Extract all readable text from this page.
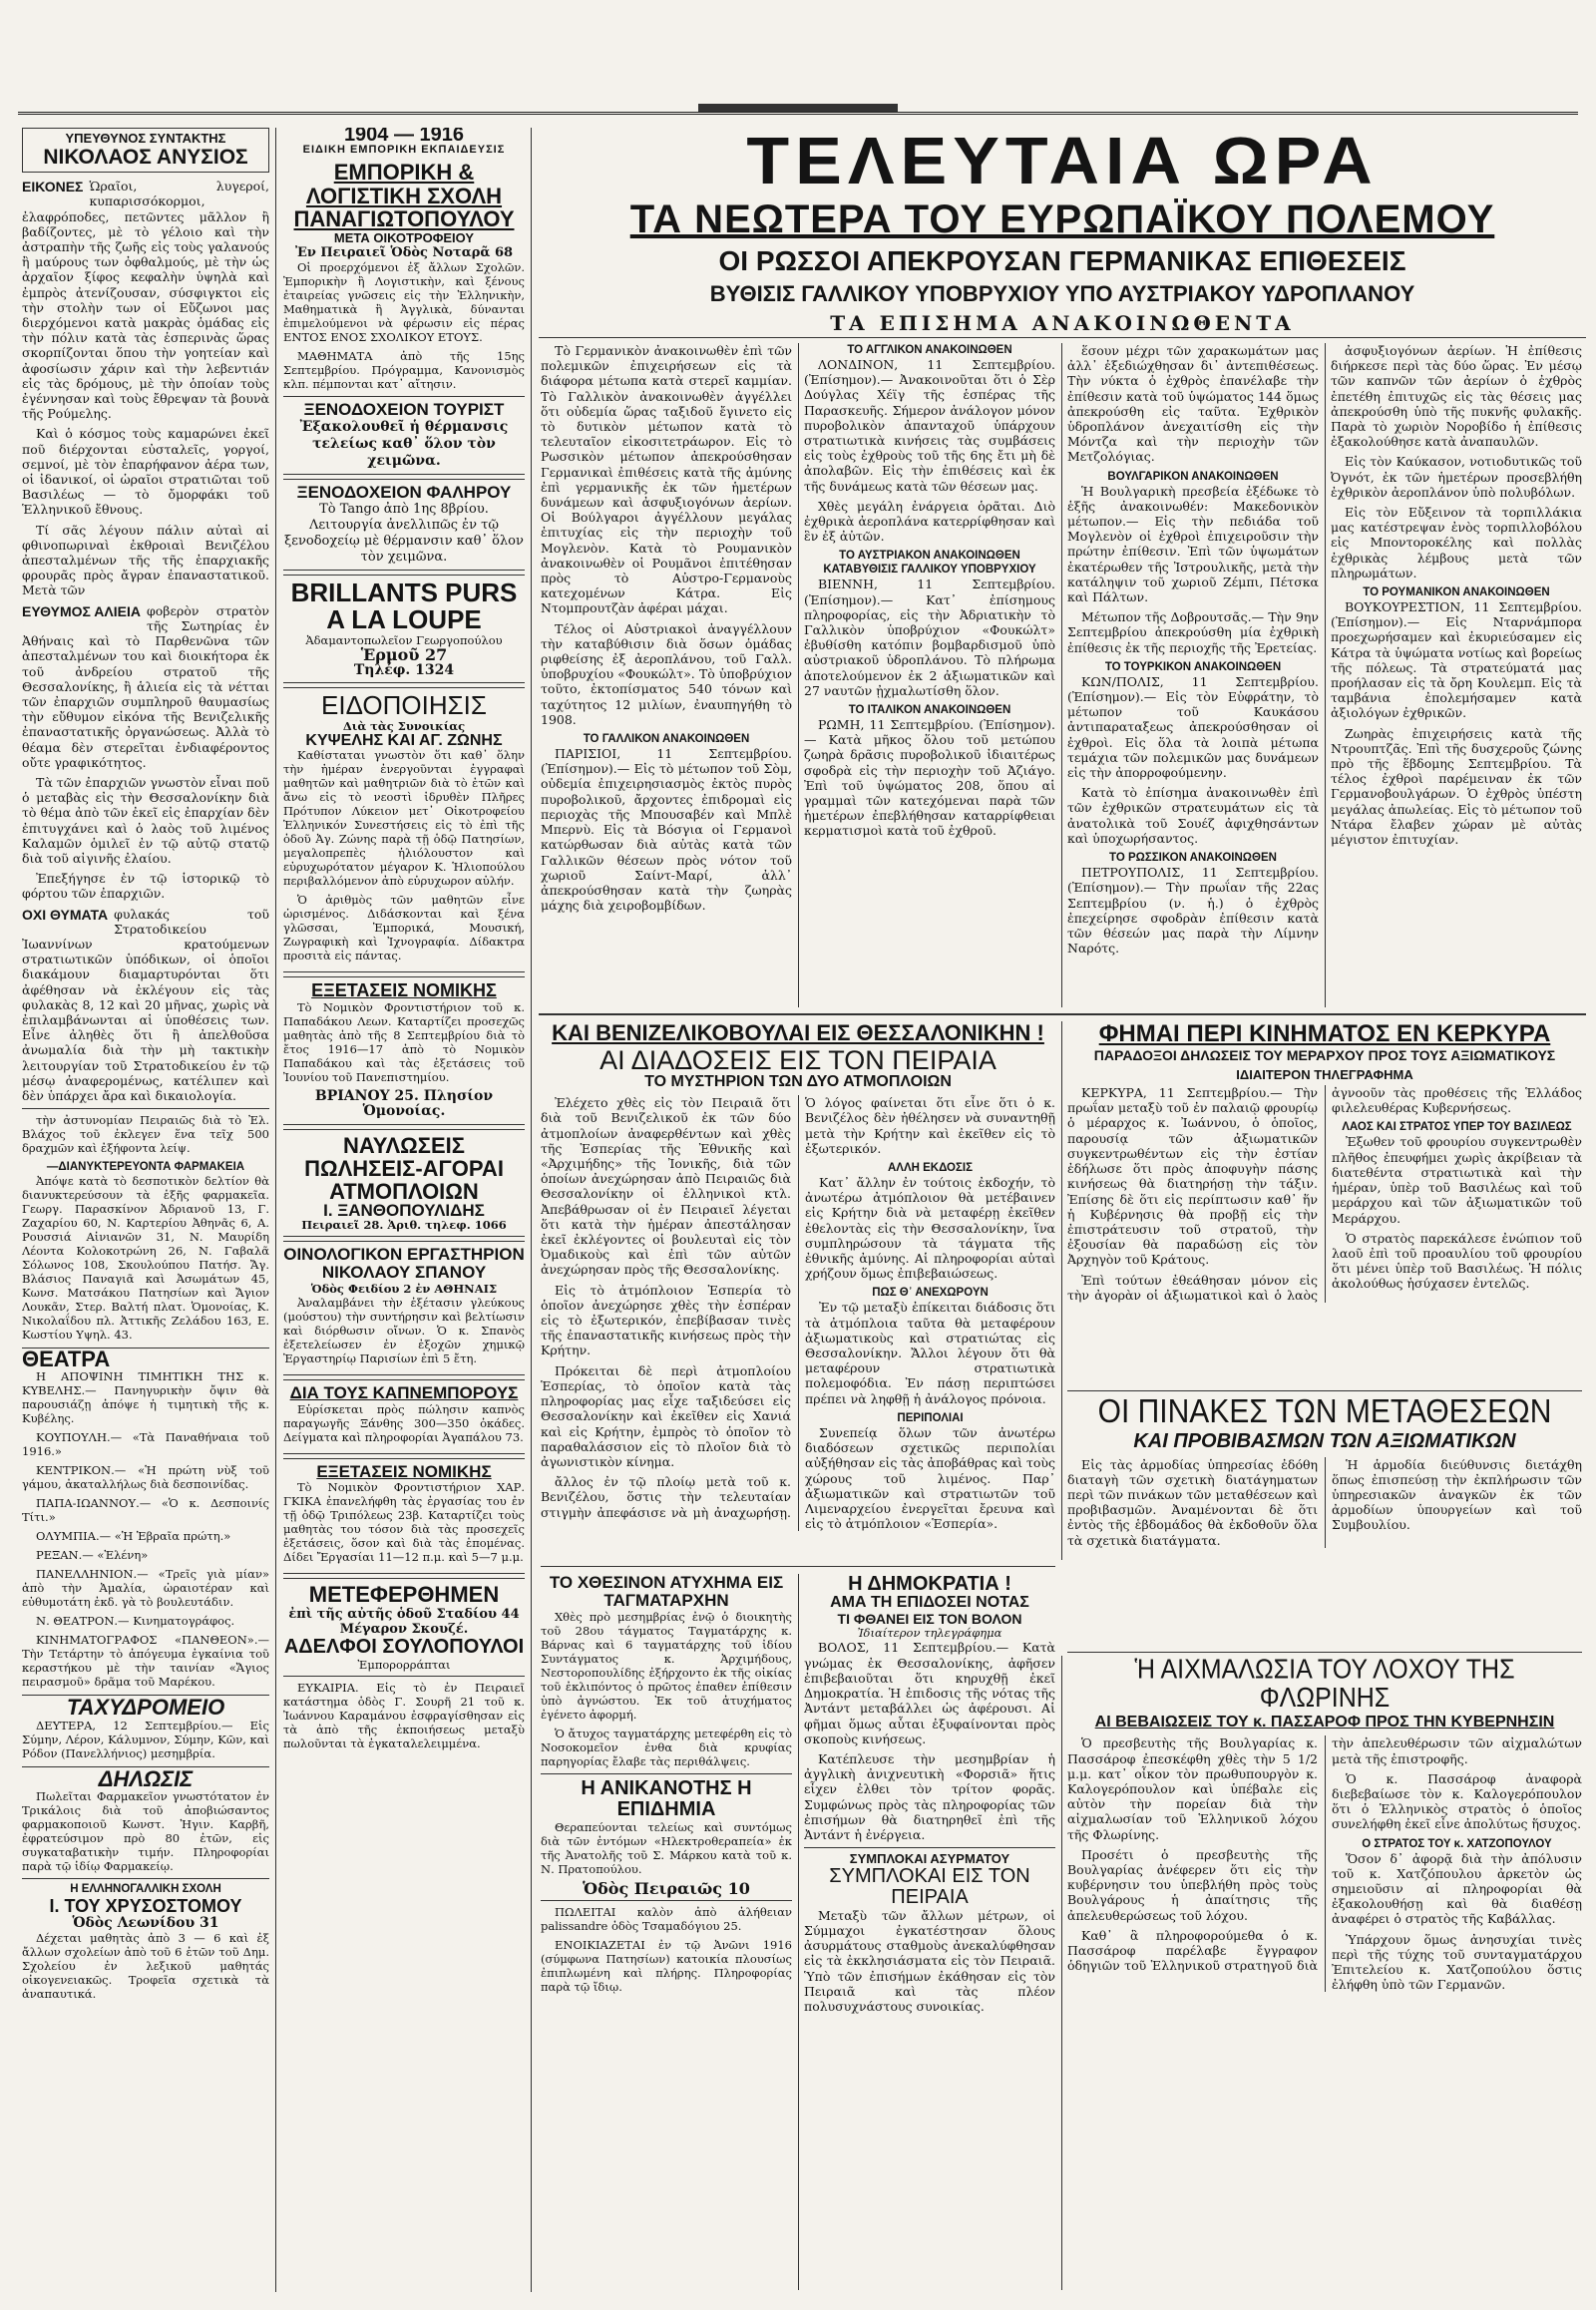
ΥΠΕΥΘΥΝΟΣ ΣΥΝΤΑΚΤΗΣ
ΝΙΚΟΛΑΟΣ ΑΝΥΣΙΟΣ

ΕΙΚΟΝΕΣ Ὡραῖοι, λυγεροί, κυπαρισσόκορμοι, ἐλαφρόποδες, πετῶντες μᾶλλον ἢ βαδίζοντες, μὲ τὸ γέλοιο καὶ τὴν ἀστραπὴν τῆς ζωῆς εἰς τοὺς γαλανούς ἢ μαύρους των ὀφθαλμούς, μὲ τὴν ὡς ἀρχαῖον ξίφος κεφαλὴν ὑψηλὰ καὶ ἐμπρὸς ἀτενίζουσαν, σύσφιγκτοι εἰς τὴν στολὴν των οἱ Εὔζωνοι μας διερχόμενοι κατὰ μακρὰς ὁμάδας εἰς τὴν πόλιν κατὰ τὰς ἑσπερινὰς ὥρας σκορπίζονται ὅπου τὴν γοητείαν καὶ ἀφοσίωσιν χάριν καὶ τὴν λεβεντιάν εἰς τὰς δρόμους, μὲ τὴν ὁποίαν τοὺς ἐγέννησαν καὶ τοὺς ἔθρεψαν τὰ βουνὰ τῆς Ρούμελης.

Καὶ ὁ κόσμος τοὺς καμαρώνει ἐκεῖ ποῦ διέρχονται εὐσταλεῖς, γοργοί, σεμνοί, μὲ τὸν ἐπαρήφανον ἀέρα των, οἱ ἰδανικοί, οἱ ὡραῖοι στρατιῶται τοῦ Βασιλέως — τὸ ὄμορφάκι τοῦ Ἑλληνικοῦ ἔθνους.

Τί σᾶς λέγουν πάλιν αὐταὶ αἱ φθινοπωριναὶ ἐκθροιαὶ Βενιζέλου ἀπεσταλμένων τῆς τῆς ἐπαρχιακῆς φρουρᾶς πρὸς ἄγραν ἐπαναστατικοῦ. Μετὰ τῶν

ΕΥΘΥΜΟΣ ΑΛΙΕΙΑ φοβερὸν στρατὸν τῆς Σωτηρίας ἐν Ἀθήναις καὶ τὸ Παρθενῶνα τῶν ἀπεσταλμένων του καὶ διοικήτορα ἐκ τοῦ ἀνδρείου στρατοῦ τῆς Θεσσαλονίκης, ἢ ἁλιεία εἰς τὰ νέτται τῶν ἐπαρχιῶν συμπληροῦ θαυμασίως τὴν εὔθυμον εἰκόνα τῆς Βενιζελικῆς ἐπαναστατικῆς ὀργανώσεως. Ἀλλὰ τὸ θέαμα δὲν στερεῖται ἐνδιαφέροντος οὔτε γραφικότητος.

Τὰ τῶν ἐπαρχιῶν γνωστὸν εἶναι ποῦ ὁ μεταβὰς εἰς τὴν Θεσσαλονίκην διὰ τὸ θέμα ἀπὸ τῶν ἐκεῖ εἰς ἐπαρχίαν δὲν ἐπιτυγχάνει καὶ ὁ λαὸς τοῦ λιμένος Καλαμῶν ὁμιλεῖ ἐν τῷ αὐτῷ στατῷ διὰ τοῦ αἰγινῆς ἐλαίου.

Ἐπεξήγησε ἐν τῷ ἱστορικῷ τὸ φόρτου τῶν ἐπαρχιῶν.

ΟΧΙ ΘΥΜΑΤΑ φυλακάς τοῦ Στρατοδικείου Ἰωαννίνων κρατούμενων στρατιωτικῶν ὑπόδικων, οἱ ὁποῖοι διακάμουν διαμαρτυρόνται ὅτι ἀφέθησαν νὰ ἐκλέγουν εἰς τὰς φυλακὰς 8, 12 καὶ 20 μῆνας, χωρὶς νὰ ἐπιλαμβάνωνται αἱ ὑποθέσεις των. Εἶνε ἀληθὲς ὅτι ἢ ἀπελθοῦσα ἀνωμαλία διὰ τὴν μὴ τακτικὴν λειτουργίαν τοῦ Στρατοδικείου ἐν τῷ μέσῳ ἀναφερομένως, κατέλιπεν καὶ δὲν ὑπάρχει ἄρα καὶ δικαιολογία.

τὴν ἀστυνομίαν Πειραιῶς διὰ τὸ Ἐλ. Βλάχος τοῦ ἐκλεγεν ἕνα τεῖχ 500 δραχμῶν καὶ ἐξήφοντα λείψ.

—ΔΙΑΝΥΚΤΕΡΕΥΟΝΤΑ ΦΑΡΜΑΚΕΙΑ

Ἀπόψε κατὰ τὸ δεσποτικὸν δελτίον θὰ διανυκτερεύσουν τὰ ἑξῆς φαρμακεῖα. Γεωργ. Παρασκίνον Ἀδριανοῦ 13, Γ. Ζαχαρίου 60, Ν. Καρτερίου Ἀθηνᾶς 6, Α. Ρουσσιά Αἰνιανῶν 31, Ν. Μαυρίδη Λέοντα Κολοκοτρώνη 26, Ν. Γαβαλᾶ Σόλωνος 108, Σκουλούπου Πατήσ. Ἄγ. Βλάσιος Παναγιᾶ καὶ Ἀσωμάτων 45, Κωνσ. Ματσάκου Πατησίων καὶ Ἄγιον Λουκᾶν, Στερ. Βαλτή πλατ. Ὁμονοίας, Κ. Νικολαΐδου πλ. Ἀττικῆς Ζελάδου 163, Ε. Κωστίου Υψηλ. 43.

ΘΕΑΤΡΑ

Η ΑΠΟΨΙΝΗ ΤΙΜΗΤΙΚΗ ΤΗΣ κ. ΚΥΒΕΛΗΣ.— Πανηγυρικὴν ὄψιν θὰ παρουσιάζῃ ἀπόψε ἡ τιμητικὴ τῆς κ. Κυβέλης.

ΚΟΥΠΟΥΛΗ.— «Τὰ Παναθήναια τοῦ 1916.»

ΚΕΝΤΡΙΚΟΝ.— «Ἡ πρώτη νὺξ τοῦ γάμου, ἀκαταλλήλως διὰ δεσποινίδας.

ΠΑΠΑ-ΙΩΑΝΝΟΥ.— «Ὁ κ. Δεσποινίς Τίτι.»

ΟΛΥΜΠΙΑ.— «Ἡ Ἑβραῖα πρώτη.»

ΡΕΞΑΝ.— «Ἑλένη»

ΠΑΝΕΛΛΗΝΙΟΝ.— «Τρεῖς γιὰ μίαν» ἀπὸ τὴν Ἀμαλία, ὠραιοτέραν καὶ εὐθυμοτάτη ἐκδ. γὰ τὸ βουλευτάδιν.

Ν. ΘΕΑΤΡΟΝ.— Κινηματογράφος.

ΚΙΝΗΜΑΤΟΓΡΑΦΟΣ «ΠΑΝΘΕΟΝ».— Τὴν Τετάρτην τὸ ἀπόγευμα ἐγκαίνια τοῦ κεραστήκου μὲ τὴν ταινίαν «Ἄγιος πειρασμοῦ» δρᾶμα τοῦ Μαρέκου.

ΤΑΧΥΔΡΟΜΕΙΟ

ΔΕΥΤΕΡΑ, 12 Σεπτεμβρίου.— Εἰς Σύμην, Λέρον, Κάλυμνον, Σύμην, Κῶν, καὶ Ρόδον (Πανελλήνιος) μεσημβρία.

ΔΗΛΩΣΙΣ

Πωλεῖται Φαρμακεῖον γνωστότατον ἐν Τρικάλοις διὰ τοῦ ἀποβιώσαντος φαρμακοποιοῦ Κωνστ. Ἠγιν. Καρβῆ, ἐφρατεύσιμον πρὸ 80 ἐτῶν, εἰς συγκαταβατικὴν τιμήν. Πληροφορίαι παρὰ τῷ ἰδίῳ Φαρμακείῳ.

Η ΕΛΛΗΝΟΓΑΛΛΙΚΗ ΣΧΟΛΗ
Ι. ΤΟΥ ΧΡΥΣΟΣΤΟΜΟΥ
Ὁδὸς Λεωνίδου 31

Δέχεται μαθητὰς ἀπὸ 3 — 6 καὶ ἐξ ἄλλων σχολείων ἀπὸ τοῦ 6 ἐτῶν τοῦ Δημ. Σχολείου ἐν λεξικοῦ μαθητάς οἰκογενειακῶς. Τροφεῖα σχετικὰ τὰ ἀναπαυτικά.

1904 — 1916
ΕΙΔΙΚΗ ΕΜΠΟΡΙΚΗ ΕΚΠΑΙΔΕΥΣΙΣ
ΕΜΠΟΡΙΚΗ & ΛΟΓΙΣΤΙΚΗ ΣΧΟΛΗ ΠΑΝΑΓΙΩΤΟΠΟΥΛΟΥ
ΜΕΤΑ ΟΙΚΟΤΡΟΦΕΙΟΥ
Ἐν Πειραιεῖ Ὁδὸς Νοταρᾶ 68

Οἱ προερχόμενοι ἐξ ἄλλων Σχολῶν. Ἐμπορικὴν ἢ Λογιστικὴν, καὶ ξένους ἐταιρείας γνῶσεις εἰς τὴν Ἑλληνικὴν, Μαθηματικὰ ἢ Ἀγγλικὰ, δύνανται ἐπιμελούμενοι νὰ φέρωσιν εἰς πέρας ΕΝΤΟΣ ΕΝΟΣ ΣΧΟΛΙΚΟΥ ΕΤΟΥΣ.

ΜΑΘΗΜΑΤΑ ἀπὸ τῆς 15ης Σεπτεμβρίου. Πρόγραμμα, Κανονισμὸς κλπ. πέμπονται κατ᾽ αἴτησιν.

ΞΕΝΟΔΟΧΕΙΟΝ ΤΟΥΡΙΣΤ
Ἐξακολουθεῖ ἡ θέρμανσις τελείως καθ᾽ ὅλον τὸν χειμῶνα.
ΞΕΝΟΔΟΧΕΙΟΝ ΦΑΛΗΡΟΥ
Τὸ Tango ἀπὸ 1ης 8βρίου. Λειτουργία ἀνελλιπῶς ἐν τῷ ξενοδοχείῳ μὲ θέρμανσιν καθ᾽ ὅλον τὸν χειμῶνα.
BRILLANTS PURS A LA LOUPE
Ἀδαμαντοπωλεῖον Γεωργοπούλου
Ἑρμοῦ 27
Τηλέφ. 1324
ΕΙΔΟΠΟΙΗΣΙΣ
Διὰ τὰς Συνοικίας
ΚΥΨΕΛΗΣ ΚΑΙ ΑΓ. ΖΩΝΗΣ

Καθίσταται γνωστὸν ὅτι καθ᾽ ὅλην τὴν ἡμέραν ἐνεργοῦνται ἐγγραφαὶ μαθητῶν καὶ μαθητριῶν διὰ τὸ ἐτῶν καὶ ἄνω εἰς τὸ νεοστὶ ἱδρυθὲν Πλῆρες Πρότυπον Λύκειον μετ᾽ Οἰκοτροφείου Ἑλληνικόν Συνεστήσεις εἰς τὸ ἐπὶ τῆς ὁδοῦ Ἀγ. Ζώνης παρὰ τῇ ὁδῷ Πατησίων, μεγαλοπρεπὲς ἡλιόλουστον καὶ εὐρυχωρότατον μέγαρον Κ. Ἡλιοπούλου περιβαλλόμενον ἀπὸ εὐρυχωρον αὐλήν.

Ὁ ἀριθμὸς τῶν μαθητῶν εἶνε ὡρισμένος. Διδάσκονται καὶ ξένα γλῶσσαι, Ἐμπορικά, Μουσική, Ζωγραφικὴ καὶ Ἰχνογραφία. Δίδακτρα προσιτὰ εἰς πάντας.

ΕΞΕΤΑΣΕΙΣ ΝΟΜΙΚΗΣ

Τὸ Νομικὸν Φροντιστήριον τοῦ κ. Παπαδάκου Λεων. Καταρτίζει προσεχῶς μαθητὰς ἀπὸ τῆς 8 Σεπτεμβρίου διὰ τὸ ἔτος 1916—17 ἀπὸ τὸ Νομικὸν Παπαδάκου καὶ τὰς ἐξετάσεις τοῦ Ἰουνίου τοῦ Πανεπιστημίου.

ΒΡΙΑΝΟΥ 25. Πλησίον Ὁμονοίας.
ΝΑΥΛΩΣΕΙΣ ΠΩΛΗΣΕΙΣ-ΑΓΟΡΑΙ ΑΤΜΟΠΛΟΙΩΝ
Ι. ΞΑΝΘΟΠΟΥΛΙΔΗΣ
Πειραιεῖ 28. Ἀριθ. τηλεφ. 1066
ΟΙΝΟΛΟΓΙΚΟΝ ΕΡΓΑΣΤΗΡΙΟΝ ΝΙΚΟΛΑΟΥ ΣΠΑΝΟΥ
Ὁδὸς Φειδίου 2 ἐν ΑΘΗΝΑΙΣ

Ἀναλαμβάνει τὴν ἐξέτασιν γλεύκους (μούστου) τὴν συντήρησιν καὶ βελτίωσιν καὶ διόρθωσιν οἴνων. Ὁ κ. Σπανὸς ἐξετελείωσεν ἐν ἐξοχῶν χημικῷ Ἐργαστηρίῳ Παρισίων ἐπὶ 5 ἔτη.

ΔΙΑ ΤΟΥΣ ΚΑΠΝΕΜΠΟΡΟΥΣ

Εὑρίσκεται πρὸς πώλησιν καπνὸς παραγωγῆς Ξάνθης 300—350 ὀκάδες. Δείγματα καὶ πληροφορίαι Ἀγαπάλου 73.

ΕΞΕΤΑΣΕΙΣ ΝΟΜΙΚΗΣ

Τὸ Νομικὸν Φροντιστήριον ΧΑΡ. ΓΚΙΚΑ ἐπανελήφθη τὰς ἐργασίας του ἐν τῇ ὁδῷ Τριπόλεως 23β. Καταρτίζει τοὺς μαθητὰς του τόσον διὰ τὰς προσεχεῖς ἐξετάσεις, ὅσον καὶ διὰ τὰς ἑπομένας. Δίδει Ἔργασίαι 11—12 π.μ. καὶ 5—7 μ.μ.

ΜΕΤΕΦΕΡΘΗΜΕΝ
ἐπὶ τῆς αὐτῆς ὁδοῦ Σταδίου 44 Μέγαρον Σκουζέ.
ΑΔΕΛΦΟΙ ΣΟΥΛΟΠΟΥΛΟΙ
Ἐμπορορράπται

ΕΥΚΑΙΡΙΑ. Εἰς τὸ ἐν Πειραιεῖ κατάστημα ὁδὸς Γ. Σουρῆ 21 τοῦ κ. Ἰωάννου Καραμάνου ἐσφραγίσθησαν εἰς τὰ ἀπὸ τῆς ἐκποιήσεως μεταξὺ πωλοῦνται τὰ ἐγκαταλελειμμένα.

ΤΕΛΕΥΤΑΙΑ ΩΡΑ
ΤΑ ΝΕΩΤΕΡΑ ΤΟΥ ΕΥΡΩΠΑΪΚΟΥ ΠΟΛΕΜΟΥ
ΟΙ ΡΩΣΣΟΙ ΑΠΕΚΡΟΥΣΑΝ ΓΕΡΜΑΝΙΚΑΣ ΕΠΙΘΕΣΕΙΣ
ΒΥΘΙΣΙΣ ΓΑΛΛΙΚΟΥ ΥΠΟΒΡΥΧΙΟΥ ΥΠΟ ΑΥΣΤΡΙΑΚΟΥ ΥΔΡΟΠΛΑΝΟΥ
ΤΑ ΕΠΙΣΗΜΑ ΑΝΑΚΟΙΝΩΘΕΝΤΑ

Τὸ Γερμανικὸν ἀνακοινωθὲν ἐπὶ τῶν πολεμικῶν ἐπιχειρήσεων εἰς τὰ διάφορα μέτωπα κατὰ στερεῖ καμμίαν. Τὸ Γαλλικὸν ἀνακοινωθὲν ἀγγέλλει ὅτι οὐδεμία ὥρας ταξιδοῦ ἔγινετο εἰς τὸ δυτικὸν μέτωπον κατὰ τὸ τελευταῖον εἰκοσιτετράωρον. Εἰς τὸ Ρωσσικὸν μέτωπον ἀπεκρούσθησαν Γερμανικαὶ ἐπιθέσεις κατὰ τῆς ἀμύνης ἐπὶ γερμανικῆς ἐκ τῶν ἡμετέρων δυνάμεων καὶ ἀσφυξιογόνων ἀερίων. Οἱ Βούλγαροι ἀγγέλλουν μεγάλας ἐπιτυχίας εἰς τὴν περιοχὴν τοῦ Μογλενὸν. Κατὰ τὸ Ρουμανικὸν ἀνακοινωθὲν οἱ Ρουμᾶνοι ἐπιτέθησαν πρὸς τὸ Αὐστρο-Γερμανοὺς κατεχομένων Κάτρα. Εἰς Ντομπρουτζὰν ἀφέραι μάχαι.

Τέλος οἱ Αὐστριακοὶ ἀναγγέλλουν τὴν καταβύθισιν διὰ ὅσων ὁμάδας ριφθείσης ἐξ ἀεροπλάνου, τοῦ Γαλλ. ὑποβρυχίου «Φουκώλτ». Τὸ ὑποβρύχιον τοῦτο, ἐκτοπίσματος 540 τόνων καὶ ταχύτητος 12 μιλίων, ἐναυπηγήθη τὸ 1908.

ΤΟ ΓΑΛΛΙΚΟΝ ΑΝΑΚΟΙΝΩΘΕΝ

ΠΑΡΙΣΙΟΙ, 11 Σεπτεμβρίου. (Ἐπίσημον).— Εἰς τὸ μέτωπον τοῦ Σὸμ, οὐδεμία ἐπιχειρησιασμὸς ἐκτὸς πυρὸς πυροβολικοῦ, ἄρχοντες ἐπιδρομαὶ εἰς περιοχὰς τῆς Μπουσαβέν καὶ Μπλὲ Μπερνὺ. Εἰς τὰ Βόσγια οἱ Γερμανοὶ κατώρθωσαν διὰ αὐτὰς κατὰ τῶν Γαλλικῶν θέσεων πρὸς νότον τοῦ χωριοῦ Σαίντ-Μαρί, ἀλλ᾽ ἀπεκρούσθησαν κατὰ τὴν ζωηρὰς μάχης διὰ χειροβομβίδων.

ΤΟ ΑΓΓΛΙΚΟΝ ΑΝΑΚΟΙΝΩΘΕΝ

ΛΟΝΔΙΝΟΝ, 11 Σεπτεμβρίου. (Ἐπίσημον).— Ἀνακοινοῦται ὅτι ὁ Σὲρ Δούγλας Χέϊγ τῆς ἑσπέρας τῆς Παρασκευῆς. Σήμερον ἀνάλογον μόνον πυροβολικὸν ἀπανταχοῦ ὑπάρχουν στρατιωτικὰ κινήσεις τὰς συμβάσεις εἰς τοὺς ἐχθροὺς τοῦ τῆς 6ης ἔτι μὴ δὲ ἀπολαβῶν. Εἰς τὴν ἐπιθέσεις καὶ ἐκ τῆς δυνάμεως κατὰ τῶν θέσεων μας.

Χθὲς μεγάλη ἐνάργεια ὁρᾶται. Διὸ ἐχθρικὰ ἀεροπλάνα κατερρίφθησαν καὶ ἓν ἐξ ἀὐτῶν.

ΤΟ ΑΥΣΤΡΙΑΚΟΝ ΑΝΑΚΟΙΝΩΘΕΝ
ΚΑΤΑΒΥΘΙΣΙΣ ΓΑΛΛΙΚΟΥ ΥΠΟΒΡΥΧΙΟΥ

ΒΙΕΝΝΗ, 11 Σεπτεμβρίου. (Ἐπίσημον).— Κατ᾽ ἐπίσημους πληροφορίας, εἰς τὴν Ἀδριατικὴν τὸ Γαλλικὸν ὑποβρύχιον «Φουκώλτ» ἐβυθίσθη κατόπιν βομβαρδισμοῦ ὑπὸ αὐστριακοῦ ὑδροπλάνου. Τὸ πλήρωμα ἀποτελούμενον ἐκ 2 ἀξιωματικῶν καὶ 27 ναυτῶν ᾐχμαλωτίσθη ὅλον.

ΤΟ ΙΤΑΛΙΚΟΝ ΑΝΑΚΟΙΝΩΘΕΝ

ΡΩΜΗ, 11 Σεπτεμβρίου. (Ἐπίσημον).— Κατὰ μῆκος ὅλου τοῦ μετώπου ζωηρὰ δρᾶσις πυροβολικοῦ ἰδιαιτέρως σφοδρὰ εἰς τὴν περιοχὴν τοῦ Ἀζιάγο. Ἐπὶ τοῦ ὑψώματος 208, ὅπου αἱ γραμμαὶ τῶν κατεχόμεναι παρὰ τῶν ἡμετέρων ἐπεβλήθησαν καταρρίφθειαι κερματισμοὶ κατὰ τοῦ ἐχθροῦ.

ἕσουν μέχρι τῶν χαρακωμάτων μας ἀλλ᾽ ἐξεδιώχθησαν δι᾽ ἀντεπιθέσεως. Τὴν νύκτα ὁ ἐχθρὸς ἐπανέλαβε τὴν ἐπίθεσιν κατὰ τοῦ ὑψώματος 144 ὅμως ἀπεκρούσθη εἰς ταῦτα. Ἐχθρικὸν ὑδροπλάνον ἀνεχαιτίσθη εἰς τὴν Μόντζα καὶ τὴν περιοχὴν τῶν Μετζολόγιας.

ΒΟΥΛΓΑΡΙΚΟΝ ΑΝΑΚΟΙΝΩΘΕΝ

Ἡ Βουλγαρικὴ πρεσβεία ἐξέδωκε τὸ ἑξῆς ἀνακοινωθέν: Μακεδονικὸν μέτωπον.— Εἰς τὴν πεδιάδα τοῦ Μογλενὸν οἱ ἐχθροὶ ἐπιχειροῦσιν τὴν πρώτην ἐπίθεσιν. Ἐπὶ τῶν ὑψωμάτων ἐκατέρωθεν τῆς Ἰστρουλικῆς, μετὰ τὴν κατάληψιν τοῦ χωριοῦ Ζέμπι, Πέτσκα καὶ Πάλτων.

Μέτωπον τῆς Δοβρουτσᾶς.— Τὴν 9ην Σεπτεμβρίου ἀπεκρούσθη μία ἐχθρικὴ ἐπίθεσις ἐκ τῆς περιοχῆς τῆς Ἐρετείας.

ΤΟ ΤΟΥΡΚΙΚΟΝ ΑΝΑΚΟΙΝΩΘΕΝ

ΚΩΝ/ΠΟΛΙΣ, 11 Σεπτεμβρίου. (Ἐπίσημον).— Εἰς τὸν Εὐφράτην, τὸ μέτωπον τοῦ Καυκάσου ἀντιπαραταξεως ἀπεκρούσθησαν οἱ ἐχθροὶ. Εἰς ὅλα τὰ λοιπὰ μέτωπα τεμάχια τῶν πολεμικῶν μας δυνάμεων εἰς τὴν ἀπορροφούμενην.

Κατὰ τὸ ἐπίσημα ἀνακοινωθὲν ἐπὶ τῶν ἐχθρικῶν στρατευμάτων εἰς τὰ ἀνατολικὰ τοῦ Σουέζ ἀφιχθησάντων καὶ ὑποχωρήσαντος.

ΤΟ ΡΩΣΣΙΚΟΝ ΑΝΑΚΟΙΝΩΘΕΝ

ΠΕΤΡΟΥΠΟΛΙΣ, 11 Σεπτεμβρίου. (Ἐπίσημον).— Τὴν πρωΐαν τῆς 22ας Σεπτεμβρίου (ν. ἡ.) ὁ ἐχθρὸς ἐπεχείρησε σφοδρὰν ἐπίθεσιν κατὰ τῶν θέσεών μας παρὰ τὴν Λίμνην Ναρότς.

ἀσφυξιογόνων ἀερίων. Ἡ ἐπίθεσις διήρκεσε περὶ τὰς δύο ὥρας. Ἐν μέσῳ τῶν καπνῶν τῶν ἀερίων ὁ ἐχθρὸς ἐπετέθη ἐπιτυχῶς εἰς τὰς θέσεις μας ἀπεκρούσθη ὑπὸ τῆς πυκνῆς φυλακῆς. Παρὰ τὸ χωριὸν Νοροβίδο ἡ ἐπίθεσις ἐξακολούθησε κατὰ ἀναπαυλῶν.

Εἰς τὸν Καύκασον, νοτιοδυτικῶς τοῦ Ὀγνότ, ἐκ τῶν ἡμετέρων προσεβλήθη ἐχθρικὸν ἀεροπλάνον ὑπὸ πολυβόλων.

Εἰς τὸν Εὔξεινον τὰ τορπιλλάκια μας κατέστρεψαν ἐνὸς τορπιλλοβόλου εἰς Μποντοροκέλης καὶ πολλὰς ἐχθρικὰς λέμβους μετὰ τῶν πληρωμάτων.

ΤΟ ΡΟΥΜΑΝΙΚΟΝ ΑΝΑΚΟΙΝΩΘΕΝ

ΒΟΥΚΟΥΡΕΣΤΙΟΝ, 11 Σεπτεμβρίου. (Ἐπίσημον).— Εἰς Νταρνάμπορα προεχωρήσαμεν καὶ ἐκυριεύσαμεν εἰς Κάτρα τὰ ὑψώματα νοτίως καὶ βορείως τῆς πόλεως. Τὰ στρατεύματά μας προήλασαν εἰς τὰ ὄρη Κουλεμπ. Εἰς τὰ ταμβάνια ἐπολεμήσαμεν κατὰ ἀξιολόγων ἐχθρικῶν.

Ζωηρὰς ἐπιχειρήσεις κατὰ τῆς Ντρουπτζᾶς. Ἐπὶ τῆς δυσχεροῦς ζώνης πρὸ τῆς ἕβδομης Σεπτεμβρίου. Τὰ τέλος ἐχθροὶ παρέμειναν ἐκ τῶν Γερμανοβουλγάρων. Ὁ ἐχθρὸς ὑπέστη μεγάλας ἀπωλείας. Εἰς τὸ μέτωπον τοῦ Ντάρα ἔλαβεν χώραν μὲ αὐτὰς μέγιστον ἐπιτυχίαν.

ΚΑΙ ΒΕΝΙΖΕΛΙΚΟΒΟΥΛΑΙ ΕΙΣ ΘΕΣΣΑΛΟΝΙΚΗΝ !
ΑΙ ΔΙΑΔΟΣΕΙΣ ΕΙΣ ΤΟΝ ΠΕΙΡΑΙΑ
ΤΟ ΜΥΣΤΗΡΙΟΝ ΤΩΝ ΔΥΟ ΑΤΜΟΠΛΟΙΩΝ

Ἐλέχετο χθὲς εἰς τὸν Πειραιᾶ ὅτι διὰ τοῦ Βενιζελικοῦ ἐκ τῶν δύο ἀτμοπλοίων ἀναφερθέντων καὶ χθὲς τῆς Ἑσπερίας τῆς Ἐθνικῆς καὶ «Ἀρχιμήδης» τῆς Ἰονικῆς, διὰ τῶν ὁποίων ἀνεχώρησαν ἀπὸ Πειραιῶς διὰ Θεσσαλονίκην οἱ ἑλληνικοὶ κτλ. Ἀπεβάθρωσαν οἱ ἐν Πειραιεῖ λέγεται ὅτι κατὰ τὴν ἡμέραν ἀπεστάλησαν ἐκεῖ ἐκλέγοντες οἱ βουλευταὶ εἰς τὸν Ὀμαδικοὺς καὶ ἐπὶ τῶν αὐτῶν ἀνεχώρησαν πρὸς τῆς Θεσσαλονίκης.

Εἰς τὸ ἀτμόπλοιον Ἑσπερία τὸ ὁποῖον ἀνεχώρησε χθὲς τὴν ἑσπέραν εἰς τὸ ἐξωτερικόν, ἐπεβίβασαν τινὲς τῆς ἐπαναστατικῆς κινήσεως πρὸς τὴν Κρήτην.

Πρόκειται δὲ περὶ ἀτμοπλοίου Ἑσπερίας, τὸ ὁποῖον κατὰ τὰς πληροφορίας μας εἶχε ταξιδεύσει εἰς Θεσσαλονίκην καὶ ἐκεῖθεν εἰς Χανιά καὶ εἰς Κρήτην, ἐμπρὸς τὸ ὁποῖον τὸ παραθαλάσσιον εἰς τὸ πλοῖον διὰ τὸ ἀγωνιστικὸν κίνημα.

ἄλλος ἐν τῷ πλοίῳ μετὰ τοῦ κ. Βενιζέλου, ὅστις τὴν τελευταίαν στιγμὴν ἀπεφάσισε νὰ μὴ ἀναχωρήσῃ. Ὁ λόγος φαίνεται ὅτι εἶνε ὅτι ὁ κ. Βενιζέλος δὲν ἠθέλησεν νὰ συναντηθῇ μετὰ τὴν Κρήτην καὶ ἐκεῖθεν εἰς τὸ ἐξωτερικόν.

ΑΛΛΗ ΕΚΔΟΣΙΣ

Κατ᾽ ἄλλην ἐν τούτοις ἐκδοχήν, τὸ ἀνωτέρω ἀτμόπλοιον θὰ μετέβαινεν εἰς Κρήτην διὰ νὰ μεταφέρῃ ἐκεῖθεν ἐθελοντὰς εἰς τὴν Θεσσαλονίκην, ἵνα συμπληρώσουν τὰ τάγματα τῆς ἐθνικῆς ἀμύνης. Αἱ πληροφορίαι αὐταὶ χρήζουν ὅμως ἐπιβεβαιώσεως.

ΠΩΣ Θ᾽ ΑΝΕΧΩΡΟΥΝ

Ἐν τῷ μεταξὺ ἐπίκειται διάδοσις ὅτι τὰ ἀτμόπλοια ταῦτα θὰ μεταφέρουν ἀξιωματικοὺς καὶ στρατιώτας εἰς Θεσσαλονίκην. Ἄλλοι λέγουν ὅτι θὰ μεταφέρουν στρατιωτικὰ πολεμοφόδια. Ἐν πάσῃ περιπτώσει πρέπει νὰ ληφθῇ ἡ ἀνάλογος πρόνοια.

ΠΕΡΙΠΟΛΙΑΙ

Συνεπείᾳ ὅλων τῶν ἀνωτέρω διαδόσεων σχετικῶς περιπολίαι αὐξήθησαν εἰς τὰς ἀποβάθρας καὶ τοὺς χώρους τοῦ λιμένος. Παρ᾽ ἀξιωματικῶν καὶ στρατιωτῶν τοῦ Λιμεναρχείου ἐνεργεῖται ἔρευνα καὶ εἰς τὸ ἀτμόπλοιον «Ἑσπερία».

ΦΗΜΑΙ ΠΕΡΙ ΚΙΝΗΜΑΤΟΣ ΕΝ ΚΕΡΚΥΡΑ
ΠΑΡΑΔΟΞΟΙ ΔΗΛΩΣΕΙΣ ΤΟΥ ΜΕΡΑΡΧΟΥ ΠΡΟΣ ΤΟΥΣ ΑΞΙΩΜΑΤΙΚΟΥΣ
ΙΔΙΑΙΤΕΡΟΝ ΤΗΛΕΓΡΑΦΗΜΑ

ΚΕΡΚΥΡΑ, 11 Σεπτεμβρίου.— Τὴν πρωΐαν μεταξὺ τοῦ ἐν παλαιῷ φρουρίῳ ὁ μέραρχος κ. Ἰωάννου, ὁ ὁποῖος, παρουσίᾳ τῶν ἀξιωματικῶν συγκεντρωθέντων εἰς τὴν ἑστίαν ἐδήλωσε ὅτι πρὸς ἀποφυγὴν πάσης κινήσεως θὰ διατηρήσῃ τὴν τάξιν. Ἐπίσης δὲ ὅτι εἰς περίπτωσιν καθ᾽ ἥν ἡ Κυβέρνησις θὰ προβῇ εἰς τὴν ἐπιστράτευσιν τοῦ στρατοῦ, τὴν ἐξουσίαν θὰ παραδώσῃ εἰς τὸν Ἀρχηγὸν τοῦ Κράτους.

Ἐπὶ τούτων ἐθεάθησαν μόνον εἰς τὴν ἀγορὰν οἱ ἀξιωματικοὶ καὶ ὁ λαὸς ἀγνοοῦν τὰς προθέσεις τῆς Ἑλλάδος φιλελευθέρας Κυβερνήσεως.

ΛΑΟΣ ΚΑΙ ΣΤΡΑΤΟΣ ΥΠΕΡ ΤΟΥ ΒΑΣΙΛΕΩΣ

Ἐξωθεν τοῦ φρουρίου συγκεντρωθὲν πλῆθος ἐπευφήμει χωρὶς ἀκρίβειαν τὰ διατεθέντα στρατιωτικὰ καὶ τὴν ἡμέραν, ὑπὲρ τοῦ Βασιλέως καὶ τοῦ μεράρχου καὶ τῶν ἀξιωματικῶν τοῦ Μεράρχου.

Ὁ στρατὸς παρεκάλεσε ἐνώπιον τοῦ λαοῦ ἐπὶ τοῦ προαυλίου τοῦ φρουρίου ὅτι μένει ὑπὲρ τοῦ Βασιλέως. Ἡ πόλις ἀκολούθως ἡσύχασεν ἐντελῶς.

ΟΙ ΠΙΝΑΚΕΣ ΤΩΝ ΜΕΤΑΘΕΣΕΩΝ
ΚΑΙ ΠΡΟΒΙΒΑΣΜΩΝ ΤΩΝ ΑΞΙΩΜΑΤΙΚΩΝ

Εἰς τὰς ἀρμοδίας ὑπηρεσίας ἐδόθη διαταγὴ τῶν σχετικὴ διατάγηματων περὶ τῶν πινάκων τῶν μεταθέσεων καὶ προβιβασμῶν. Ἀναμένονται δὲ ὅτι ἐντὸς τῆς ἑβδομάδος θὰ ἐκδοθοῦν ὅλα τὰ σχετικὰ διατάγματα.

Ἡ ἁρμοδία διεύθυνσις διετάχθη ὅπως ἐπισπεύσῃ τὴν ἐκπλήρωσιν τῶν ὑπηρεσιακῶν ἀναγκῶν ἐκ τῶν ἀρμοδίων ὑπουργείων καὶ τοῦ Συμβουλίου.

ΤΟ ΧΘΕΣΙΝΟΝ ΑΤΥΧΗΜΑ ΕΙΣ ΤΑΓΜΑΤΑΡΧΗΝ

Χθὲς πρὸ μεσημβρίας ἐνῷ ὁ διοικητὴς τοῦ 28ου τάγματος Ταγματάρχης κ. Βάρνας καὶ 6 ταγματάρχης τοῦ ἰδίου Συντάγματος κ. Ἀρχιμήδους, Νεστοροπουλίδης ἐξήρχοντο ἐκ τῆς οἰκίας τοῦ ἐκλιπόντος ὁ πρῶτος ἐπαθεν ἐπίθεσιν ὑπὸ ἀγνώστου. Ἐκ τοῦ ἀτυχήματος ἐγένετο ἀφορμή.

Ὁ ἄτυχος ταγματάρχης μετεφέρθη εἰς τὸ Νοσοκομεῖον ἐνθα διὰ κρυφίας παρηγορίας ἔλαβε τὰς περιθάλψεις.

Η ΑΝΙΚΑΝΟΤΗΣ Η ΕΠΙΔΗΜΙΑ

Θεραπεύονται τελείως καὶ συντόμως διὰ τῶν ἐντόμων «Ηλεκτροθεραπεία» ἐκ τῆς Ἀνατολῆς τοῦ Σ. Μάρκου κατὰ τοῦ κ. Ν. Πρατοπούλου.

Ὁδὸς Πειραιῶς 10

ΠΩΛΕΙΤΑΙ καλὸν ἀπὸ ἀλήθειαν palissandre ὁδὸς Τσαμαδόγιου 25.

ΕΝΟΙΚΙΑΖΕΤΑΙ ἐν τῷ Ἀνῶνι 1916 (σύμφωνα Πατησίων) κατοικία πλουσίως ἐπιπλωμένη καὶ πλήρης. Πληροφορίας παρὰ τῷ ἴδιῳ.

Η ΔΗΜΟΚΡΑΤΙΑ !
ΑΜΑ ΤΗ ΕΠΙΔΟΣΕΙ ΝΟΤΑΣ
ΤΙ ΦΘΑΝΕΙ ΕΙΣ ΤΟΝ ΒΟΛΟΝ
Ἰδιαίτερον τηλεγράφημα

ΒΟΛΟΣ, 11 Σεπτεμβρίου.— Κατὰ γνώμας ἐκ Θεσσαλονίκης, ἀφῆσεν ἐπιβεβαιοῦται ὅτι κηρυχθῇ ἐκεῖ Δημοκρατία. Ἡ ἐπιδοσις τῆς νότας τῆς Ἀντάντ μεταβάλλει ὡς ἀφέρουσι. Αἱ φῆμαι ὅμως αὗται ἐξυφαίνονται πρὸς σκοποὺς κινήσεως.

Κατέπλευσε τὴν μεσημβρίαν ἡ ἀγγλικὴ ἀνιχνευτικὴ «Φορσιᾶ» ἥτις εἶχεν ἐλθει τὸν τρίτον φορᾶς. Συμφώνως πρὸς τὰς πληροφορίας τῶν ἐπισήμων θὰ διατηρηθεῖ ἐπὶ τῆς Ἀντάντ ἡ ἐνέργεια.

ΣΥΜΠΛΟΚΑΙ ΑΣΥΡΜΑΤΟΥ
ΣΥΜΠΛΟΚΑΙ ΕΙΣ ΤΟΝ ΠΕΙΡΑΙΑ

Μεταξὺ τῶν ἄλλων μέτρων, οἱ Σύμμαχοι ἐγκατέστησαν ὅλους ἀσυρμάτους σταθμοὺς ἀνεκαλύφθησαν εἰς τὰ ἐκκλησιάσματα εἰς τὸν Πειραιᾶ. Ὑπὸ τῶν ἐπισήμων ἐκάθησαν εἰς τὸν Πειραιᾶ καὶ τὰς πλέον πολυσυχνάστους συνοικίας.

Ἡ ΑΙΧΜΑΛΩΣΙΑ ΤΟΥ ΛΟΧΟΥ ΤΗΣ ΦΛΩΡΙΝΗΣ
ΑΙ ΒΕΒΑΙΩΣΕΙΣ ΤΟΥ κ. ΠΑΣΣΑΡΟΦ ΠΡΟΣ ΤΗΝ ΚΥΒΕΡΝΗΣΙΝ

Ὁ πρεσβευτὴς τῆς Βουλγαρίας κ. Πασσάροφ ἐπεσκέφθη χθὲς τὴν 5 1/2 μ.μ. κατ᾽ οἶκον τὸν πρωθυπουργὸν κ. Καλογερόπουλον καὶ ὑπέβαλε εἰς αὐτὸν τὴν πορείαν διὰ τὴν αἰχμαλωσίαν τοῦ Ἑλληνικοῦ λόχου τῆς Φλωρίνης.

Προσέτι ὁ πρεσβευτὴς τῆς Βουλγαρίας ἀνέφερεν ὅτι εἰς τὴν κυβέρνησιν του ὑπεβλήθη πρὸς τοὺς Βουλγάρους ἡ ἀπαίτησις τῆς ἀπελευθερώσεως τοῦ λόχου.

Καθ᾽ ἃ πληροφορούμεθα ὁ κ. Πασσάροφ παρέλαβε ἔγγραφον ὁδηγιῶν τοῦ Ἑλληνικοῦ στρατηγοῦ διὰ τὴν ἀπελευθέρωσιν τῶν αἰχμαλώτων μετὰ τῆς ἐπιστροφῆς.

Ὁ κ. Πασσάροφ ἀναφορὰ διεβεβαίωσε τὸν κ. Καλογερόπουλον ὅτι ὁ Ἑλληνικὸς στρατὸς ὁ ὁποῖος συνελήφθη ἐκεῖ εἶνε ἀπολύτως ἥσυχος.

Ο ΣΤΡΑΤΟΣ ΤΟΥ κ. ΧΑΤΖΟΠΟΥΛΟΥ

Ὅσον δ᾽ ἀφορᾷ διὰ τὴν ἀπόλυσιν τοῦ κ. Χατζόπουλου ἀρκετὸν ὡς σημειοῦσιν αἱ πληροφορίαι θὰ ἐξακολουθήσῃ καὶ θὰ διαθέσῃ ἀναφέρει ὁ στρατὸς τῆς Καβάλλας.

Ὑπάρχουν ὅμως ἀνησυχίαι τινὲς περὶ τῆς τύχης τοῦ συνταγματάρχου Ἐπιτελείου κ. Χατζοπούλου ὅστις ἐλήφθη ὑπὸ τῶν Γερμανῶν.
